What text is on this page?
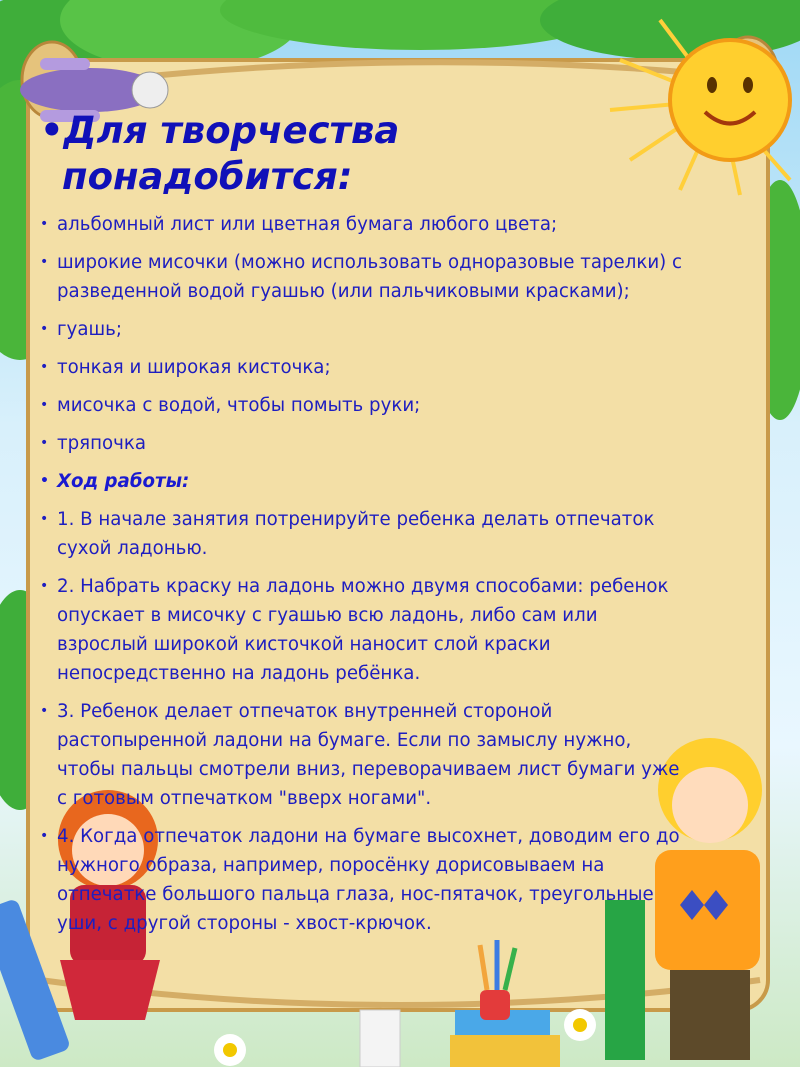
•Для творчества
понадобится:
• альбомный лист или цветная бумага любого цвета;
• широкие мисочки (можно использовать одноразовые тарелки) с
разведенной водой гуашью (или пальчиковыми красками);
• гуашь;
• тонкая и широкая кисточка;
• мисочка с водой, чтобы помыть руки;
• тряпочка
• Ход работы:
• 1. В начале занятия потренируйте ребенка делать отпечаток
сухой ладонью.
• 2. Набрать краску на ладонь можно двумя способами: ребенок
опускает в мисочку с гуашью всю ладонь, либо сам или
взрослый широкой кисточкой наносит слой краски
непосредственно на ладонь ребёнка.
• 3. Ребенок делает отпечаток внутренней стороной
растопыренной ладони на бумаге. Если по замыслу нужно,
чтобы пальцы смотрели вниз, переворачиваем лист бумаги уже
с готовым отпечатком "вверх ногами".
• 4. Когда отпечаток ладони на бумаге высохнет, доводим его до
нужного образа, например, поросёнку дорисовываем на
отпечатке большого пальца глаза, нос-пятачок, треугольные
уши, с другой стороны - хвост-крючок.
